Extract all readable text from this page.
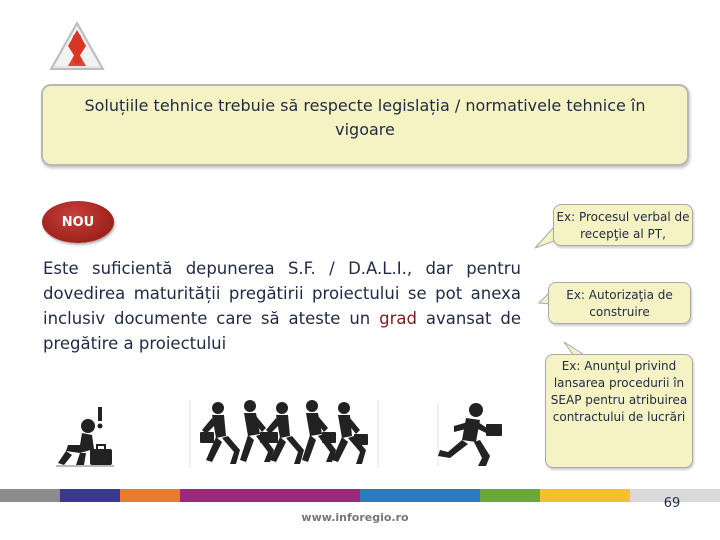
Soluțiile tehnice trebuie să respecte legislația / normativele tehnice în vigoare
NOU
Este suficientă depunerea S.F. / D.A.L.I., dar pentru dovedirea maturității pregătirii proiectului se pot anexa inclusiv documente care să ateste un grad avansat de pregătire a proiectului
Ex: Procesul verbal de recepţie al PT,
Ex: Autorizaţia de construire
Ex: Anunţul privind lansarea procedurii în SEAP pentru atribuirea contractului de lucrări
69
www.inforegio.ro
